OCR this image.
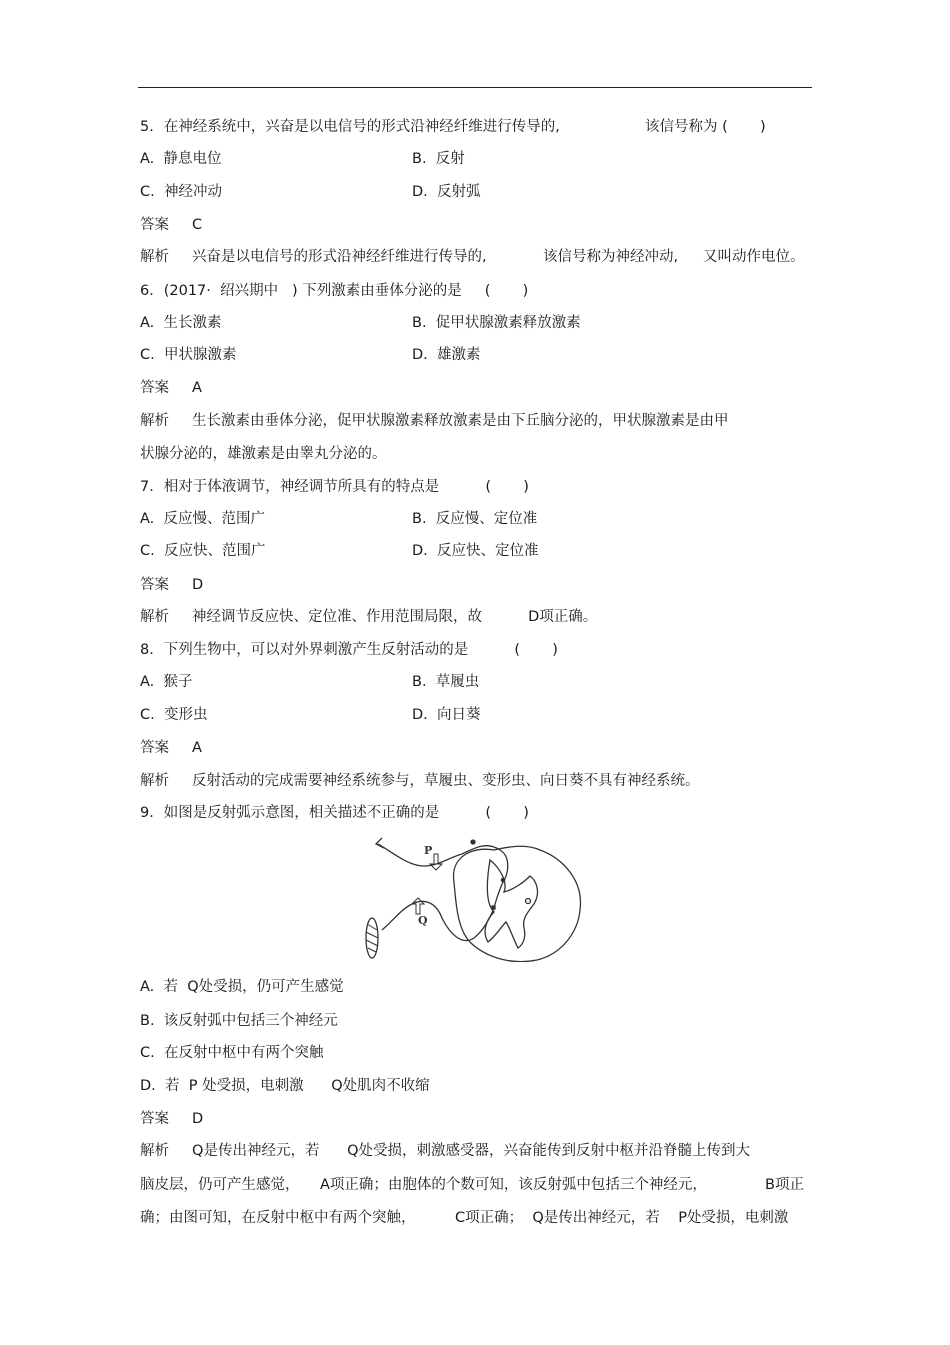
5．在神经系统中，兴奋是以电信号的形式沿神经纤维进行传导的,	该信号称为 (       )
A.  静息电位	B.  反射
C.  神经冲动	D.  反射弧
答案     C
解析     兴奋是以电信号的形式沿神经纤维进行传导的,	该信号称为神经冲动, 又叫动作电位。
6．(2017·  绍兴期中   ) 下列激素由垂体分泌的是     (       )
A.  生长激素	B.  促甲状腺激素释放激素
C.  甲状腺激素	D.  雄激素
答案     A
解析     生长激素由垂体分泌，促甲状腺激素释放激素是由下丘脑分泌的，甲状腺激素是由甲
状腺分泌的，雄激素是由睾丸分泌的。
7．相对于体液调节，神经调节所具有的特点是          (       )
A.  反应慢、范围广	B.  反应慢、定位准
C.  反应快、范围广	D.  反应快、定位准
答案     D
解析     神经调节反应快、定位准、作用范围局限，故          D项正确。
8．下列生物中，可以对外界刺激产生反射活动的是          (       )
A.  猴子	B.  草履虫
C.  变形虫	D.  向日葵
答案     A
解析     反射活动的完成需要神经系统参与，草履虫、变形虫、向日葵不具有神经系统。
9．如图是反射弧示意图，相关描述不正确的是          (       )
P
Q
A.  若  Q处受损，仍可产生感觉
B.  该反射弧中包括三个神经元
C.  在反射中枢中有两个突触
D.  若  P 处受损，电刺激      Q处肌肉不收缩
答案     D
解析     Q是传出神经元，若      Q处受损，刺激感受器，兴奋能传到反射中枢并沿脊髓上传到大
脑皮层，仍可产生感觉， A项正确；由胞体的个数可知，该反射弧中包括三个神经元，	B项正
确；由图可知，在反射中枢中有两个突触，	C项正确；  Q是传出神经元，若    P处受损，电刺激
